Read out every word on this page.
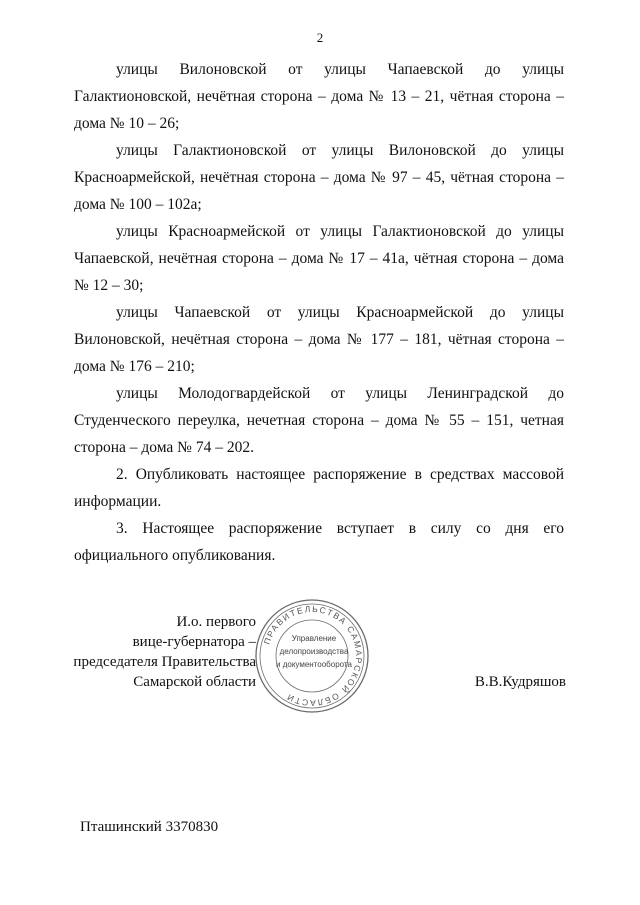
2

улицы Вилоновской от улицы Чапаевской до улицы Галактионовской, нечётная сторона – дома № 13 – 21, чётная сторона – дома № 10 – 26;

улицы Галактионовской от улицы Вилоновской до улицы Красноармейской, нечётная сторона – дома № 97 – 45, чётная сторона – дома № 100 – 102а;

улицы Красноармейской от улицы Галактионовской до улицы Чапаевской, нечётная сторона – дома № 17 – 41а, чётная сторона – дома № 12 – 30;

улицы Чапаевской от улицы Красноармейской до улицы Вилоновской, нечётная сторона – дома № 177 – 181, чётная сторона – дома № 176 – 210;

улицы Молодогвардейской от улицы Ленинградской до Студенческого переулка, нечетная сторона – дома № 55 – 151, четная сторона – дома № 74 – 202.

2. Опубликовать настоящее распоряжение в средствах массовой информации.

3. Настоящее распоряжение вступает в силу со дня его официального опубликования.

ПРАВИТЕЛЬСТВА САМАРСКОЙ ОБЛАСТИ
Управление
делопроизводства
и документооборота
И.о. первого
вице-губернатора –
председателя Правительства
Самарской области	В.В.Кудряшов
Пташинский 3370830
